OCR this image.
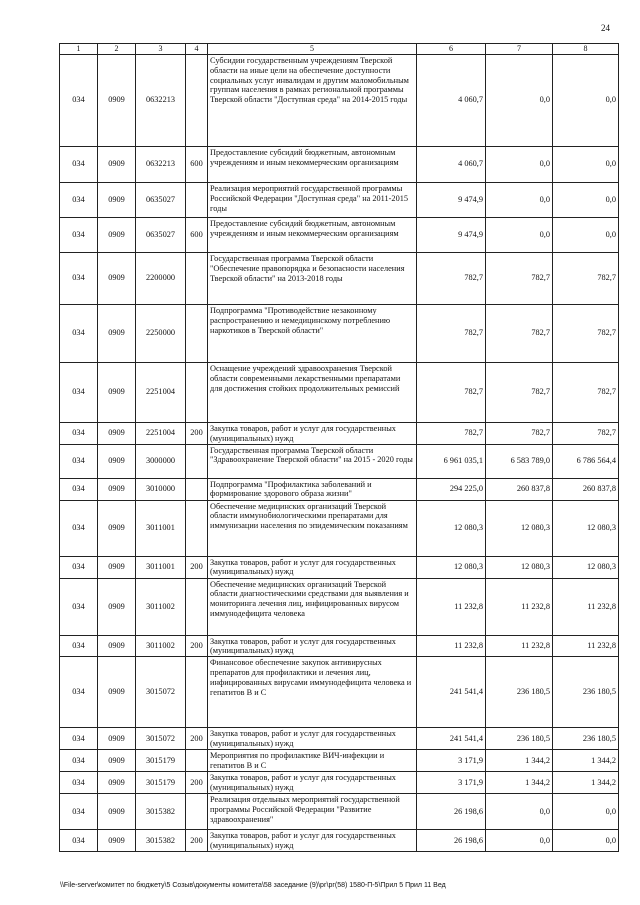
24
1	2	3	4	5	6	7	8
034	0909	0632213		Субсидии государственным учреждениям Тверской области на иные цели на обеспечение доступности социальных услуг инвалидам и другим маломобильным группам населения в рамках региональной программы Тверской области "Доступная среда" на 2014-2015 годы	4 060,7	0,0	0,0
034	0909	0632213	600	Предоставление субсидий бюджетным, автономным учреждениям и иным некоммерческим организациям	4 060,7	0,0	0,0
034	0909	0635027		Реализация мероприятий государственной программы Российской Федерации "Доступная среда" на 2011-2015 годы	9 474,9	0,0	0,0
034	0909	0635027	600	Предоставление субсидий бюджетным, автономным учреждениям и иным некоммерческим организациям	9 474,9	0,0	0,0
034	0909	2200000		Государственная программа Тверской области "Обеспечение правопорядка и безопасности населения Тверской области" на 2013-2018 годы	782,7	782,7	782,7
034	0909	2250000		Подпрограмма "Противодействие незаконному распространению и немедицинскому потреблению наркотиков в Тверской области"	782,7	782,7	782,7
034	0909	2251004		Оснащение учреждений здравоохранения Тверской области современными лекарственными препаратами для достижения стойких продолжительных ремиссий	782,7	782,7	782,7
034	0909	2251004	200	Закупка товаров, работ и услуг для государственных (муниципальных) нужд	782,7	782,7	782,7
034	0909	3000000		Государственная программа Тверской области "Здравоохранение Тверской области" на 2015 - 2020 годы	6 961 035,1	6 583 789,0	6 786 564,4
034	0909	3010000		Подпрограмма "Профилактика заболеваний и формирование здорового образа жизни"	294 225,0	260 837,8	260 837,8
034	0909	3011001		Обеспечение медицинских организаций Тверской области иммунобиологическими препаратами для иммунизации населения по эпидемическим показаниям	12 080,3	12 080,3	12 080,3
034	0909	3011001	200	Закупка товаров, работ и услуг для государственных (муниципальных) нужд	12 080,3	12 080,3	12 080,3
034	0909	3011002		Обеспечение медицинских организаций Тверской области диагностическими средствами для выявления и мониторинга лечения лиц, инфицированных вирусом иммунодефицита человека	11 232,8	11 232,8	11 232,8
034	0909	3011002	200	Закупка товаров, работ и услуг для государственных (муниципальных) нужд	11 232,8	11 232,8	11 232,8
034	0909	3015072		Финансовое обеспечение закупок антивирусных препаратов для профилактики и лечения лиц, инфицированных вирусами иммунодефицита человека и гепатитов В и С	241 541,4	236 180,5	236 180,5
034	0909	3015072	200	Закупка товаров, работ и услуг для государственных (муниципальных) нужд	241 541,4	236 180,5	236 180,5
034	0909	3015179		Мероприятия по профилактике ВИЧ-инфекции и гепатитов В и С	3 171,9	1 344,2	1 344,2
034	0909	3015179	200	Закупка товаров, работ и услуг для государственных (муниципальных) нужд	3 171,9	1 344,2	1 344,2
034	0909	3015382		Реализация отдельных мероприятий государственной программы Российской Федерации "Развитие здравоохранения"	26 198,6	0,0	0,0
034	0909	3015382	200	Закупка товаров, работ и услуг для государственных (муниципальных) нужд	26 198,6	0,0	0,0
\\File-server\комитет по бюджету\5 Созыв\документы комитета\58 заседание (9)\рг\рг(58) 1580-П-5\Прил 5 Прил 11 Вед
